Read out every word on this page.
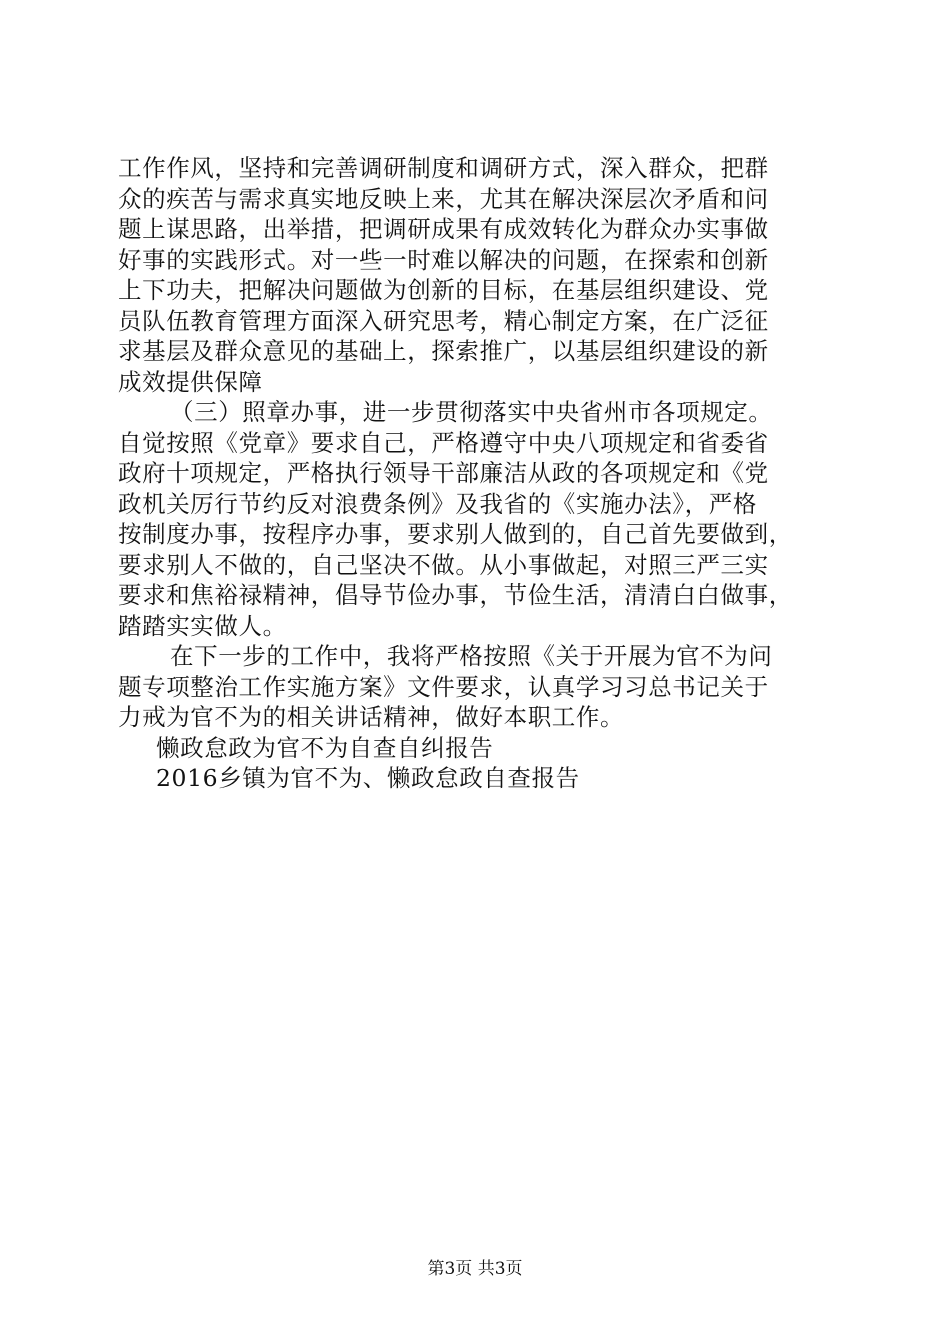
工作作风，坚持和完善调研制度和调研方式，深入群众，把群
众的疾苦与需求真实地反映上来，尤其在解决深层次矛盾和问
题上谋思路，出举措，把调研成果有成效转化为群众办实事做
好事的实践形式。对一些一时难以解决的问题，在探索和创新
上下功夫，把解决问题做为创新的目标，在基层组织建设、党
员队伍教育管理方面深入研究思考，精心制定方案，在广泛征
求基层及群众意见的基础上，探索推广，以基层组织建设的新
成效提供保障
（三）照章办事，进一步贯彻落实中央省州市各项规定。
自觉按照《党章》要求自己，严格遵守中央八项规定和省委省
政府十项规定，严格执行领导干部廉洁从政的各项规定和《党
政机关厉行节约反对浪费条例》及我省的《实施办法》，严格
按制度办事，按程序办事，要求别人做到的，自己首先要做到，
要求别人不做的，自己坚决不做。从小事做起，对照三严三实
要求和焦裕禄精神，倡导节俭办事，节俭生活，清清白白做事，
踏踏实实做人。
在下一步的工作中，我将严格按照《关于开展为官不为问
题专项整治工作实施方案》文件要求，认真学习习总书记关于
力戒为官不为的相关讲话精神，做好本职工作。
懒政怠政为官不为自查自纠报告
2016乡镇为官不为、懒政怠政自查报告
第3页 共3页
